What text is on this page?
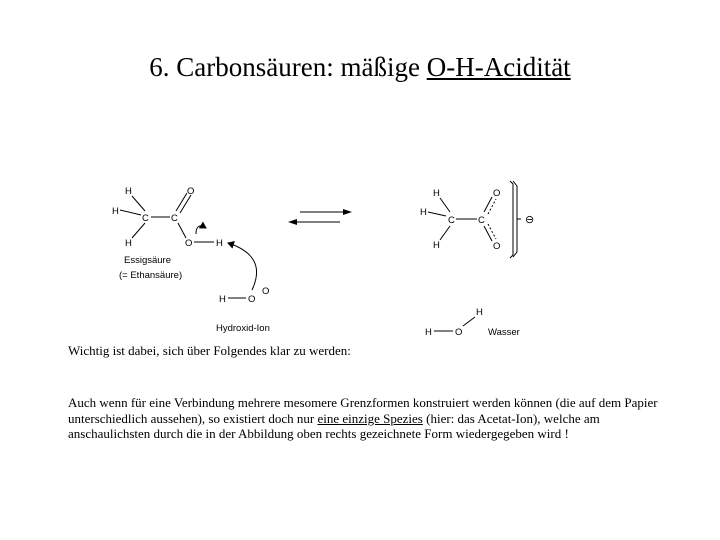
6. Carbonsäuren: mäßige O-H-Acidität
H
H
H
C C
O
O H
Essigsäure
(= Ethansäure)
H O
O
Hydroxid-Ion
H
H
H
C C
O
O
⊖
H
O
H	Wasser
Wichtig ist dabei, sich über Folgendes klar zu werden:
Auch wenn für eine Verbindung mehrere mesomere Grenzformen konstruiert werden können (die auf dem Papier unterschiedlich aussehen), so existiert doch nur eine einzige Spezies (hier: das Acetat-Ion), welche am anschaulichsten durch die in der Abbildung oben rechts gezeichnete Form wiedergegeben wird !
